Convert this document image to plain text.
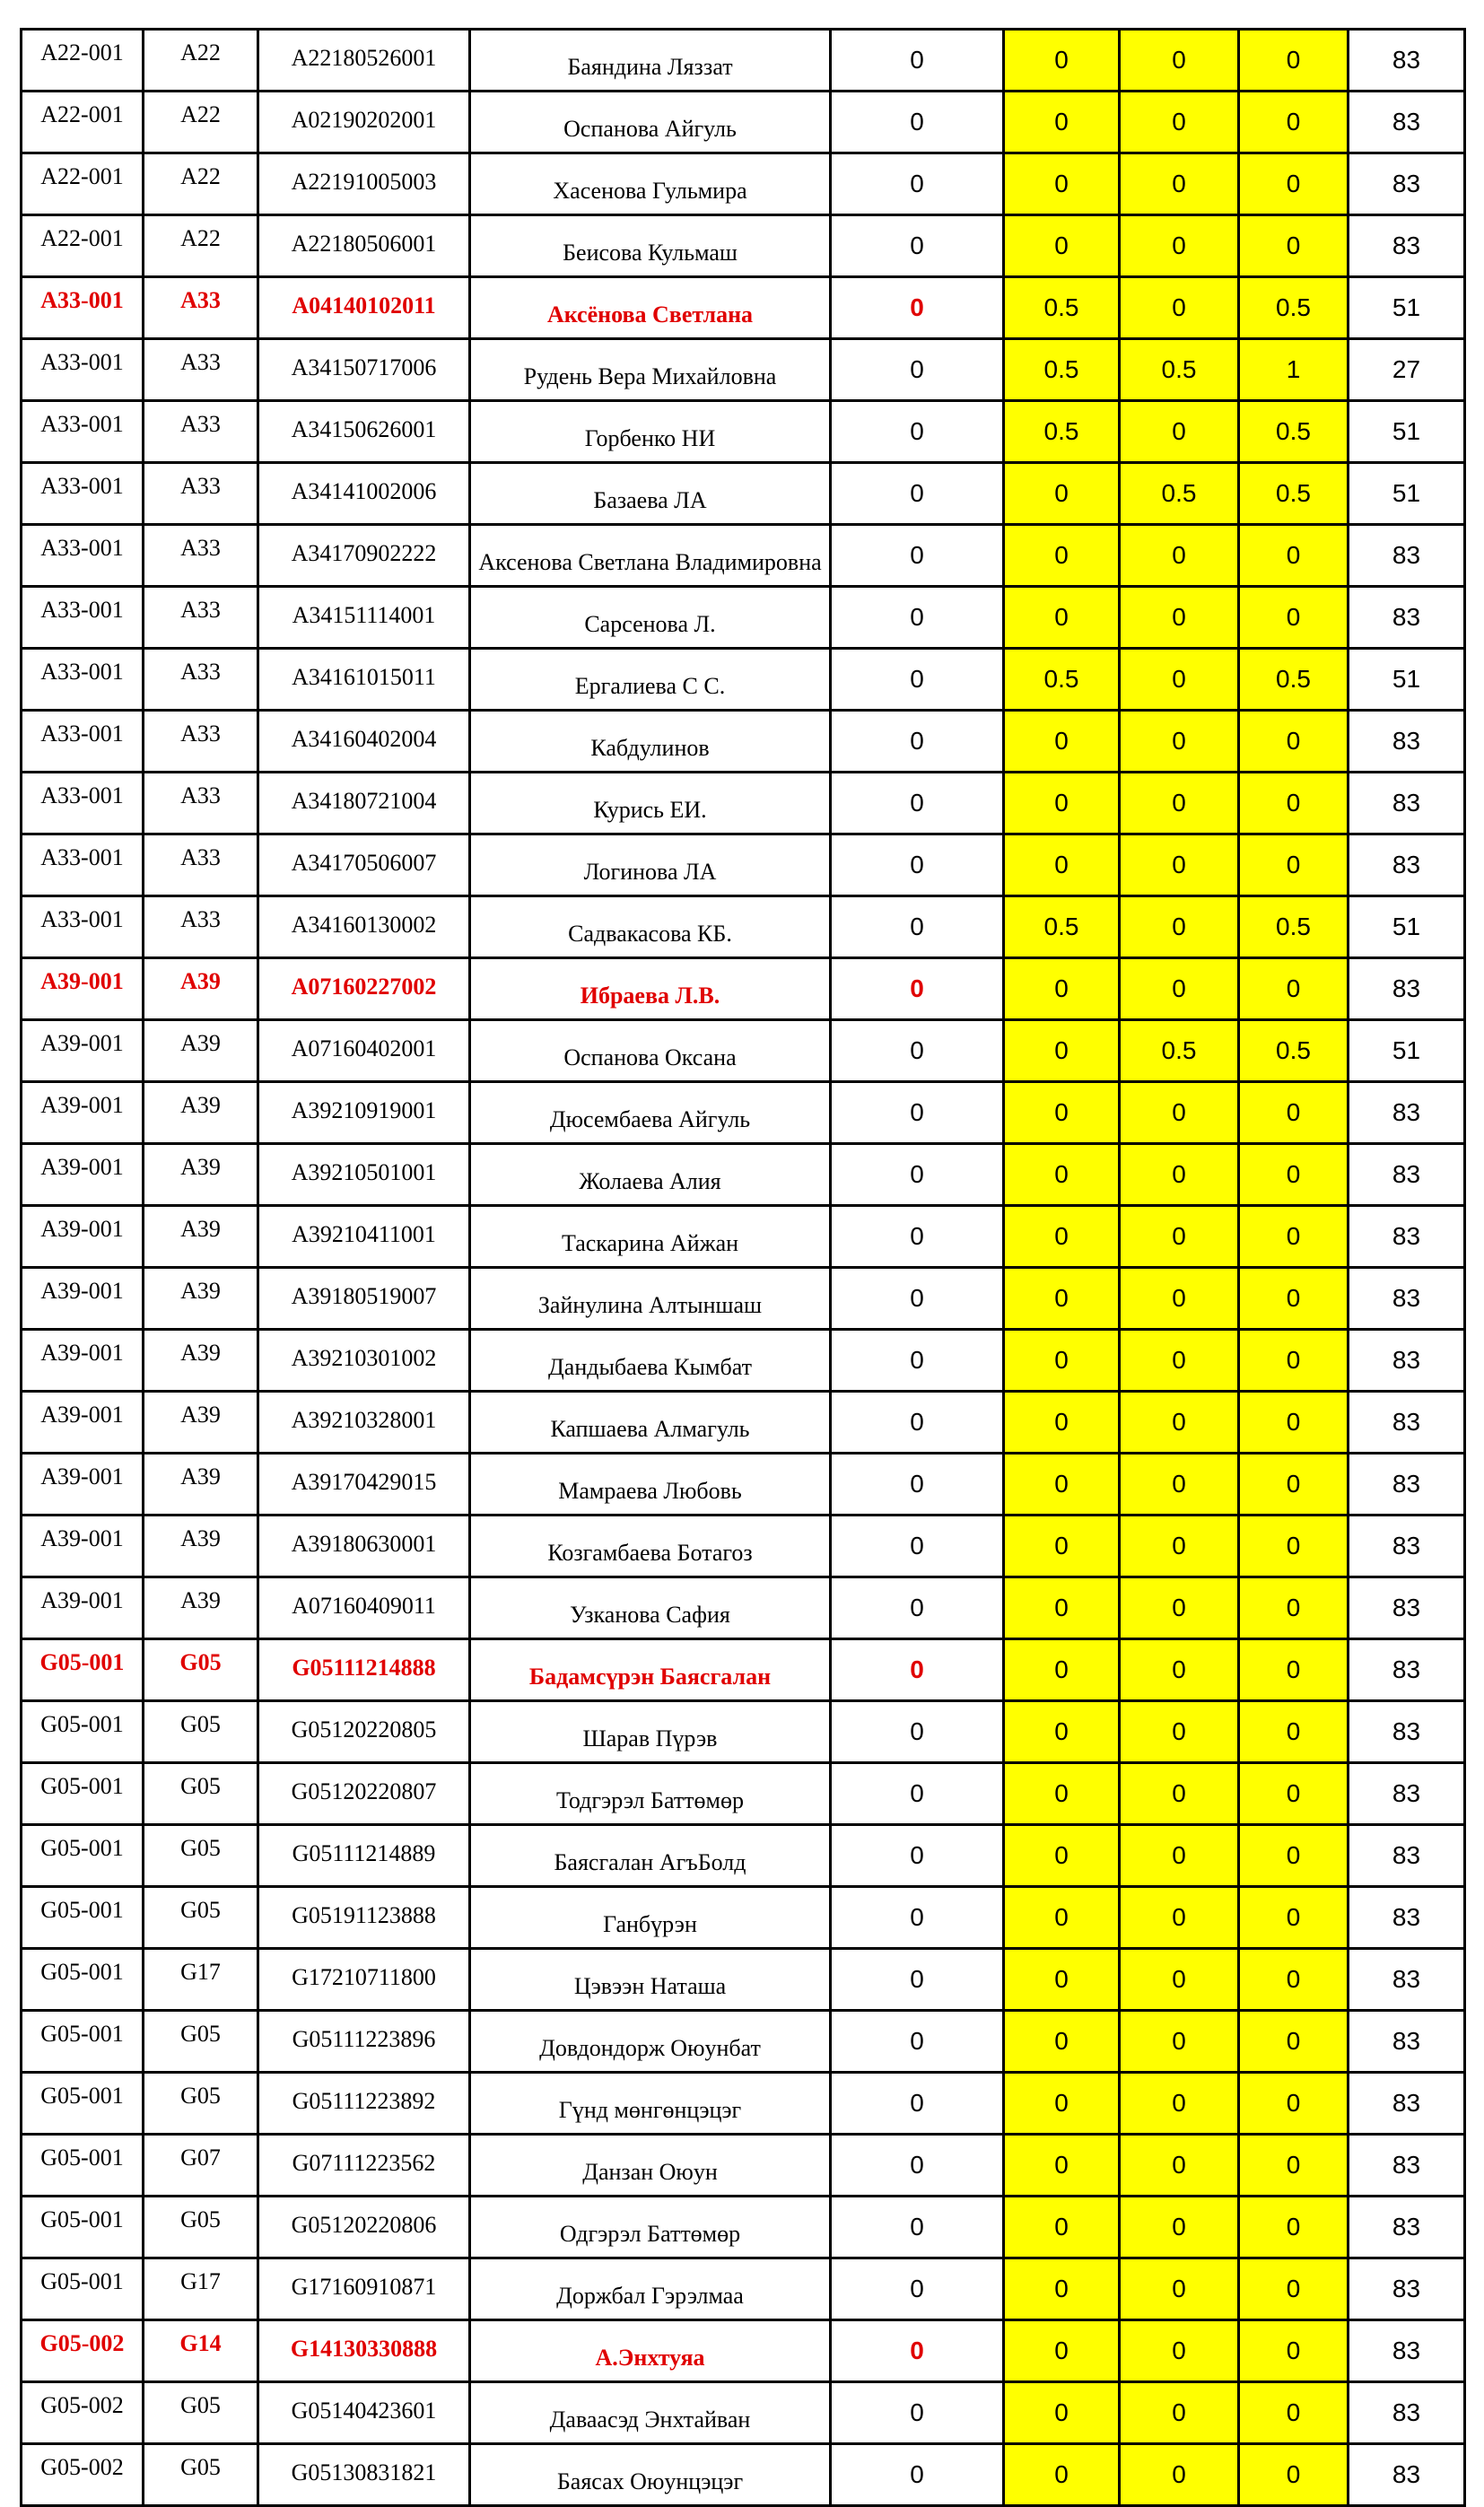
A22-001	A22	A22180526001	Баяндина Ляззат	0	0	0	0	83
A22-001	A22	A02190202001	Оспанова Айгуль	0	0	0	0	83
A22-001	A22	A22191005003	Хасенова Гульмира	0	0	0	0	83
A22-001	A22	A22180506001	Беисова Кульмаш	0	0	0	0	83
A33-001	A33	A04140102011	Аксёнова Светлана	0	0.5	0	0.5	51
A33-001	A33	A34150717006	Рудень Вера Михайловна	0	0.5	0.5	1	27
A33-001	A33	A34150626001	Горбенко НИ	0	0.5	0	0.5	51
A33-001	A33	A34141002006	Базаева ЛА	0	0	0.5	0.5	51
A33-001	A33	A34170902222	Аксенова Светлана Владимировна	0	0	0	0	83
A33-001	A33	A34151114001	Сарсенова Л.	0	0	0	0	83
A33-001	A33	A34161015011	Ергалиева С С.	0	0.5	0	0.5	51
A33-001	A33	A34160402004	Кабдулинов	0	0	0	0	83
A33-001	A33	A34180721004	Курись ЕИ.	0	0	0	0	83
A33-001	A33	A34170506007	Логинова ЛА	0	0	0	0	83
A33-001	A33	A34160130002	Садвакасова КБ.	0	0.5	0	0.5	51
A39-001	A39	A07160227002	Ибраева Л.В.	0	0	0	0	83
A39-001	A39	A07160402001	Оспанова Оксана	0	0	0.5	0.5	51
A39-001	A39	A39210919001	Дюсембаева Айгуль	0	0	0	0	83
A39-001	A39	A39210501001	Жолаева Алия	0	0	0	0	83
A39-001	A39	A39210411001	Таскарина Айжан	0	0	0	0	83
A39-001	A39	A39180519007	Зайнулина Алтыншаш	0	0	0	0	83
A39-001	A39	A39210301002	Дандыбаева Кымбат	0	0	0	0	83
A39-001	A39	A39210328001	Капшаева Алмагуль	0	0	0	0	83
A39-001	A39	A39170429015	Мамраева Любовь	0	0	0	0	83
A39-001	A39	A39180630001	Козгамбаева Ботагоз	0	0	0	0	83
A39-001	A39	A07160409011	Узканова Сафия	0	0	0	0	83
G05-001	G05	G05111214888	Бадамсүрэн Баясгалан	0	0	0	0	83
G05-001	G05	G05120220805	Шарав Пүрэв	0	0	0	0	83
G05-001	G05	G05120220807	Тодгэрэл Баттөмөр	0	0	0	0	83
G05-001	G05	G05111214889	Баясгалан АгъБолд	0	0	0	0	83
G05-001	G05	G05191123888	Ганбүрэн	0	0	0	0	83
G05-001	G17	G17210711800	Цэвээн Наташа	0	0	0	0	83
G05-001	G05	G05111223896	Довдондорж Оюунбат	0	0	0	0	83
G05-001	G05	G05111223892	Гүнд мөнгөнцэцэг	0	0	0	0	83
G05-001	G07	G07111223562	Данзан Оюун	0	0	0	0	83
G05-001	G05	G05120220806	Одгэрэл Баттөмөр	0	0	0	0	83
G05-001	G17	G17160910871	Доржбал Гэрэлмаа	0	0	0	0	83
G05-002	G14	G14130330888	А.Энхтуяа	0	0	0	0	83
G05-002	G05	G05140423601	Даваасэд Энхтайван	0	0	0	0	83
G05-002	G05	G05130831821	Баясах Оюунцэцэг	0	0	0	0	83
